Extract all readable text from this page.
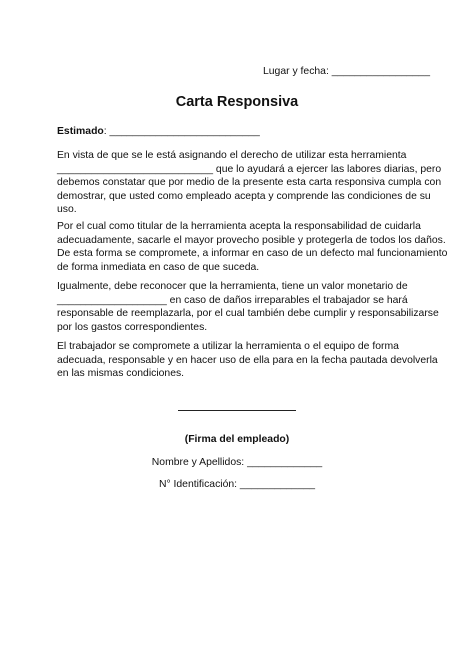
Lugar y fecha: _________________
Carta Responsiva
Estimado: __________________________

En vista de que se le está asignando el derecho de utilizar esta herramienta
___________________________ que lo ayudará a ejercer las labores diarias, pero
debemos constatar que por medio de la presente esta carta responsiva cumpla con
demostrar, que usted como empleado acepta y comprende las condiciones de su
uso.

Por el cual como titular de la herramienta acepta la responsabilidad de cuidarla
adecuadamente, sacarle el mayor provecho posible y protegerla de todos los daños.
De esta forma se compromete, a informar en caso de un defecto mal funcionamiento
de forma inmediata en caso de que suceda.

Igualmente, debe reconocer que la herramienta, tiene un valor monetario de
___________________ en caso de daños irreparables el trabajador se hará
responsable de reemplazarla, por el cual también debe cumplir y responsabilizarse
por los gastos correspondientes.

El trabajador se compromete a utilizar la herramienta o el equipo de forma
adecuada, responsable y en hacer uso de ella para en la fecha pautada devolverla
en las mismas condiciones.

(Firma del empleado)
Nombre y Apellidos: _____________
N° Identificación: _____________
